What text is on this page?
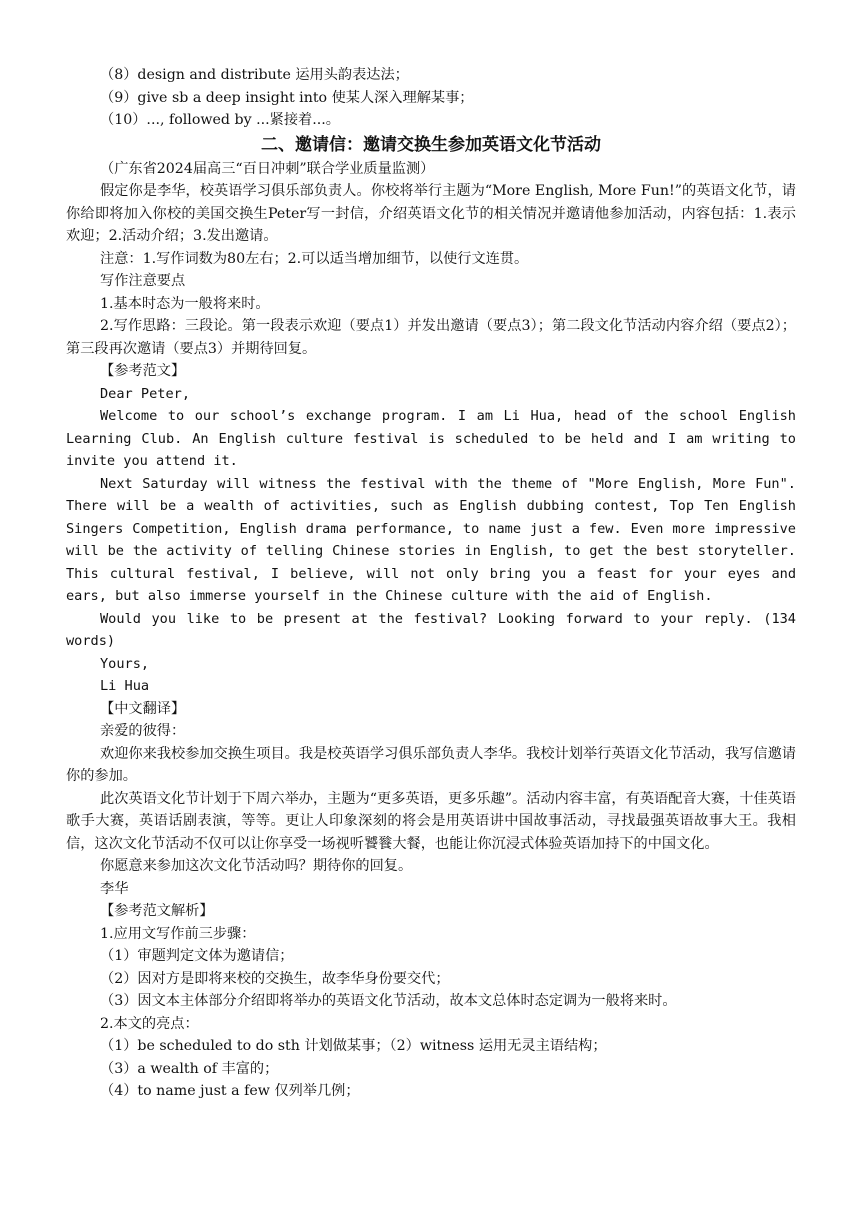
（8）design and distribute 运用头韵表达法；

（9）give sb a deep insight into 使某人深入理解某事；

（10）..., followed by ...紧接着...。

二、邀请信：邀请交换生参加英语文化节活动

（广东省2024届高三“百日冲刺”联合学业质量监测）

假定你是李华，校英语学习俱乐部负责人。你校将举行主题为“More English, More Fun!”的英语文化节，请你给即将加入你校的美国交换生Peter写一封信，介绍英语文化节的相关情况并邀请他参加活动，内容包括：1.表示欢迎；2.活动介绍；3.发出邀请。

注意：1.写作词数为80左右；2.可以适当增加细节，以使行文连贯。

写作注意要点

1.基本时态为一般将来时。

2.写作思路：三段论。第一段表示欢迎（要点1）并发出邀请（要点3）；第二段文化节活动内容介绍（要点2）；第三段再次邀请（要点3）并期待回复。

【参考范文】

Dear Peter,

Welcome to our school’s exchange program. I am Li Hua, head of the school English Learning Club. An English culture festival is scheduled to be held and I am writing to invite you attend it.

Next Saturday will witness the festival with the theme of "More English, More Fun". There will be a wealth of activities, such as English dubbing contest, Top Ten English Singers Competition, English drama performance, to name just a few. Even more impressive will be the activity of telling Chinese stories in English, to get the best storyteller. This cultural festival, I believe, will not only bring you a feast for your eyes and ears, but also immerse yourself in the Chinese culture with the aid of English.

Would you like to be present at the festival? Looking forward to your reply. (134 words)

Yours,

Li Hua

【中文翻译】

亲爱的彼得：

欢迎你来我校参加交换生项目。我是校英语学习俱乐部负责人李华。我校计划举行英语文化节活动，我写信邀请你的参加。

此次英语文化节计划于下周六举办，主题为“更多英语，更多乐趣”。活动内容丰富，有英语配音大赛，十佳英语歌手大赛，英语话剧表演，等等。更让人印象深刻的将会是用英语讲中国故事活动，寻找最强英语故事大王。我相信，这次文化节活动不仅可以让你享受一场视听饕餮大餐，也能让你沉浸式体验英语加持下的中国文化。

你愿意来参加这次文化节活动吗？期待你的回复。

李华

【参考范文解析】

1.应用文写作前三步骤：

（1）审题判定文体为邀请信；

（2）因对方是即将来校的交换生，故李华身份要交代；

（3）因文本主体部分介绍即将举办的英语文化节活动，故本文总体时态定调为一般将来时。

2.本文的亮点：

（1）be scheduled to do sth 计划做某事；（2）witness 运用无灵主语结构；

（3）a wealth of 丰富的；

（4）to name just a few 仅列举几例；
